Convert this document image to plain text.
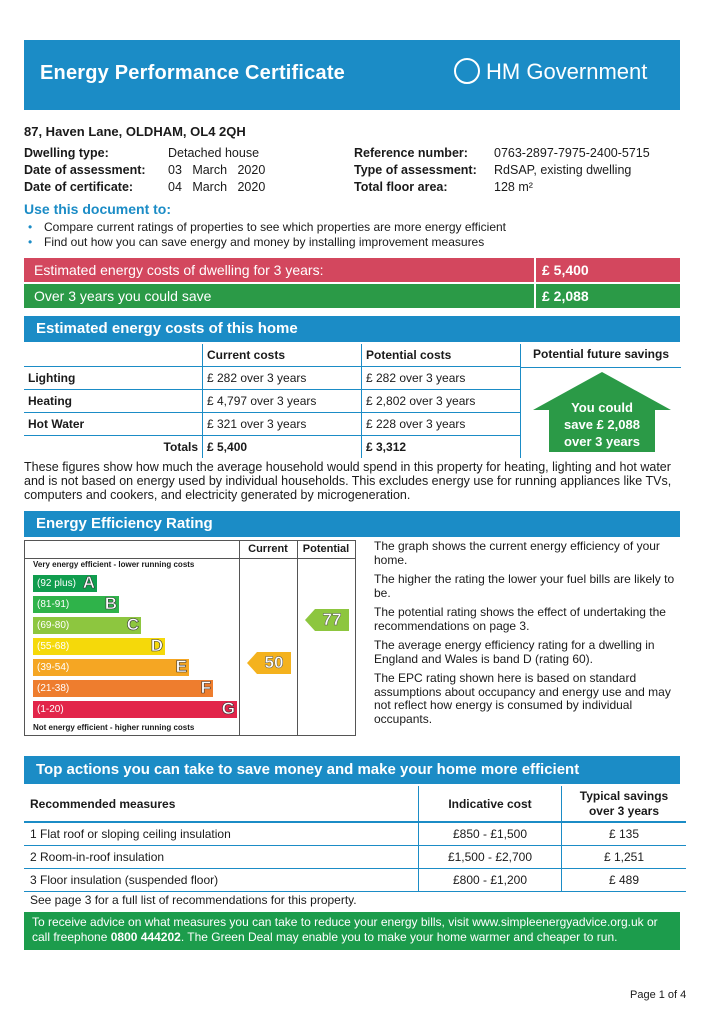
Energy Performance Certificate	HM Government
87, Haven Lane, OLDHAM, OL4 2QH
Dwelling type:	Detached house
Date of assessment: 03   March   2020
Date of certificate:	04   March   2020
Reference number: 0763-2897-7975-2400-5715
Type of assessment: RdSAP, existing dwelling
Total floor area:	128 m²
Use this document to:
• Compare current ratings of properties to see which properties are more energy efficient
• Find out how you can save energy and money by installing improvement measures
Estimated energy costs of dwelling for 3 years:	£ 5,400
Over 3 years you could save	£ 2,088
Estimated energy costs of this home
	Current costs	Potential costs
Lighting	£ 282 over 3 years	£ 282 over 3 years
Heating	£ 4,797 over 3 years	£ 2,802 over 3 years
Hot Water	£ 321 over 3 years	£ 228 over 3 years
Totals	£ 5,400	£ 3,312
Potential future savings
You could
save £ 2,088
over 3 years
These figures show how much the average household would spend in this property for heating, lighting and hot water and is not based on energy used by individual households. This excludes energy use for running appliances like TVs, computers and cookers, and electricity generated by microgeneration.
Energy Efficiency Rating
Current	Potential
Very energy efficient - lower running costs
(92 plus) A
(81-91) B
(69-80)	C
(55-68)	D
(39-54)	E
(21-38)	F
(1-20)	G
Not energy efficient - higher running costs
50
77

The graph shows the current energy efficiency of your home.

The higher the rating the lower your fuel bills are likely to be.

The potential rating shows the effect of undertaking the recommendations on page 3.

The average energy efficiency rating for a dwelling in England and Wales is band D (rating 60).

The EPC rating shown here is based on standard assumptions about occupancy and energy use and may not reflect how energy is consumed by individual occupants.

Top actions you can take to save money and make your home more efficient
Recommended measures	Indicative cost	Typical savings over 3 years
1 Flat roof or sloping ceiling insulation	£850 - £1,500	£ 135
2 Room-in-roof insulation	£1,500 - £2,700	£ 1,251
3 Floor insulation (suspended floor)	£800 - £1,200	£ 489
See page 3 for a full list of recommendations for this property.
To receive advice on what measures you can take to reduce your energy bills, visit www.simpleenergyadvice.org.uk or
call freephone 0800 444202. The Green Deal may enable you to make your home warmer and cheaper to run.
Page 1 of 4
